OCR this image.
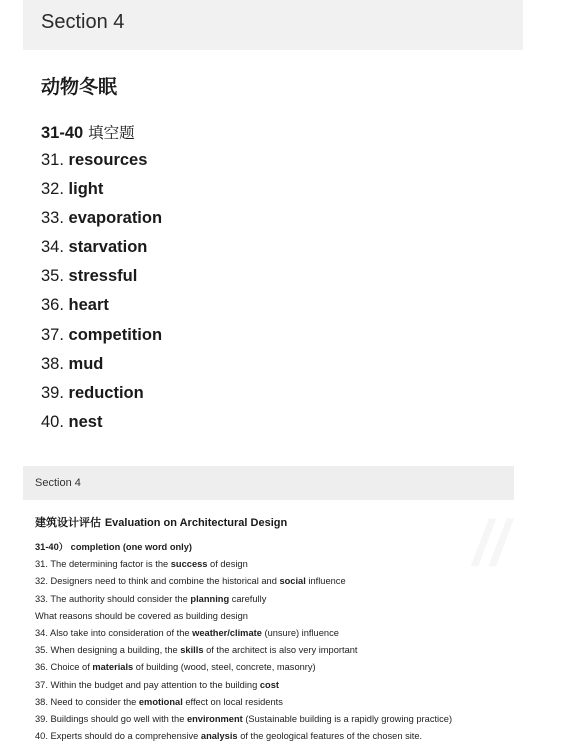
Section 4
动物冬眠
31-40 填空题
31. resources
32. light
33. evaporation
34. starvation
35. stressful
36. heart
37. competition
38. mud
39. reduction
40. nest
Section 4
//
建筑设计评估 Evaluation on Architectural Design
31-40） completion (one word only)
31. The determining factor is the success of design
32. Designers need to think and combine the historical and social influence
33. The authority should consider the planning carefully
What reasons should be covered as building design
34. Also take into consideration of the weather/climate (unsure) influence
35. When designing a building, the skills of the architect is also very important
36. Choice of materials of building (wood, steel, concrete, masonry)
37. Within the budget and pay attention to the building cost
38. Need to consider the emotional effect on local residents
39. Buildings should go well with the environment (Sustainable building is a rapidly growing practice)
40. Experts should do a comprehensive analysis of the geological features of the chosen site.
